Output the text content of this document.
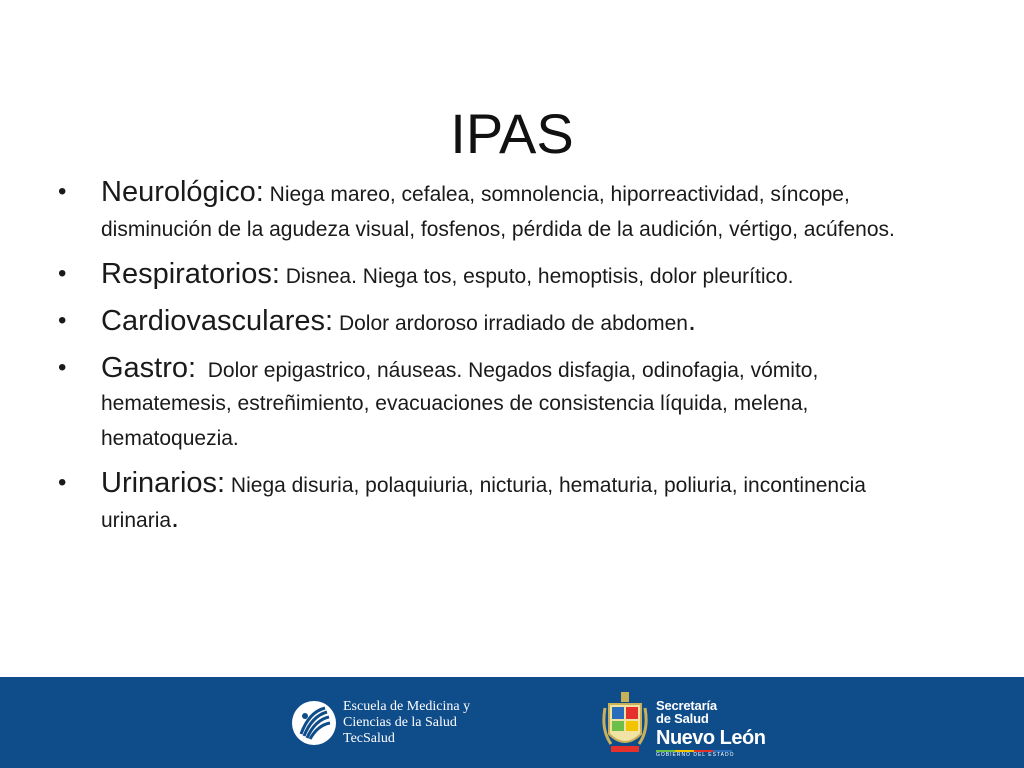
IPAS
• Neurológico: Niega mareo, cefalea, somnolencia, hiporreactividad, síncope, disminución de la agudeza visual, fosfenos, pérdida de la audición, vértigo, acúfenos.
• Respiratorios: Disnea. Niega tos, esputo, hemoptisis, dolor pleurítico.
• Cardiovasculares: Dolor ardoroso irradiado de abdomen.
• Gastro:  Dolor epigastrico, náuseas. Negados disfagia, odinofagia, vómito, hematemesis, estreñimiento, evacuaciones de consistencia líquida, melena, hematoquezia.
• Urinarios: Niega disuria, polaquiuria, nicturia, hematuria, poliuria, incontinencia urinaria.
Escuela de Medicina y
Ciencias de la Salud
TecSalud
Secretaría
de Salud
Nuevo León
GOBIERNO DEL ESTADO
